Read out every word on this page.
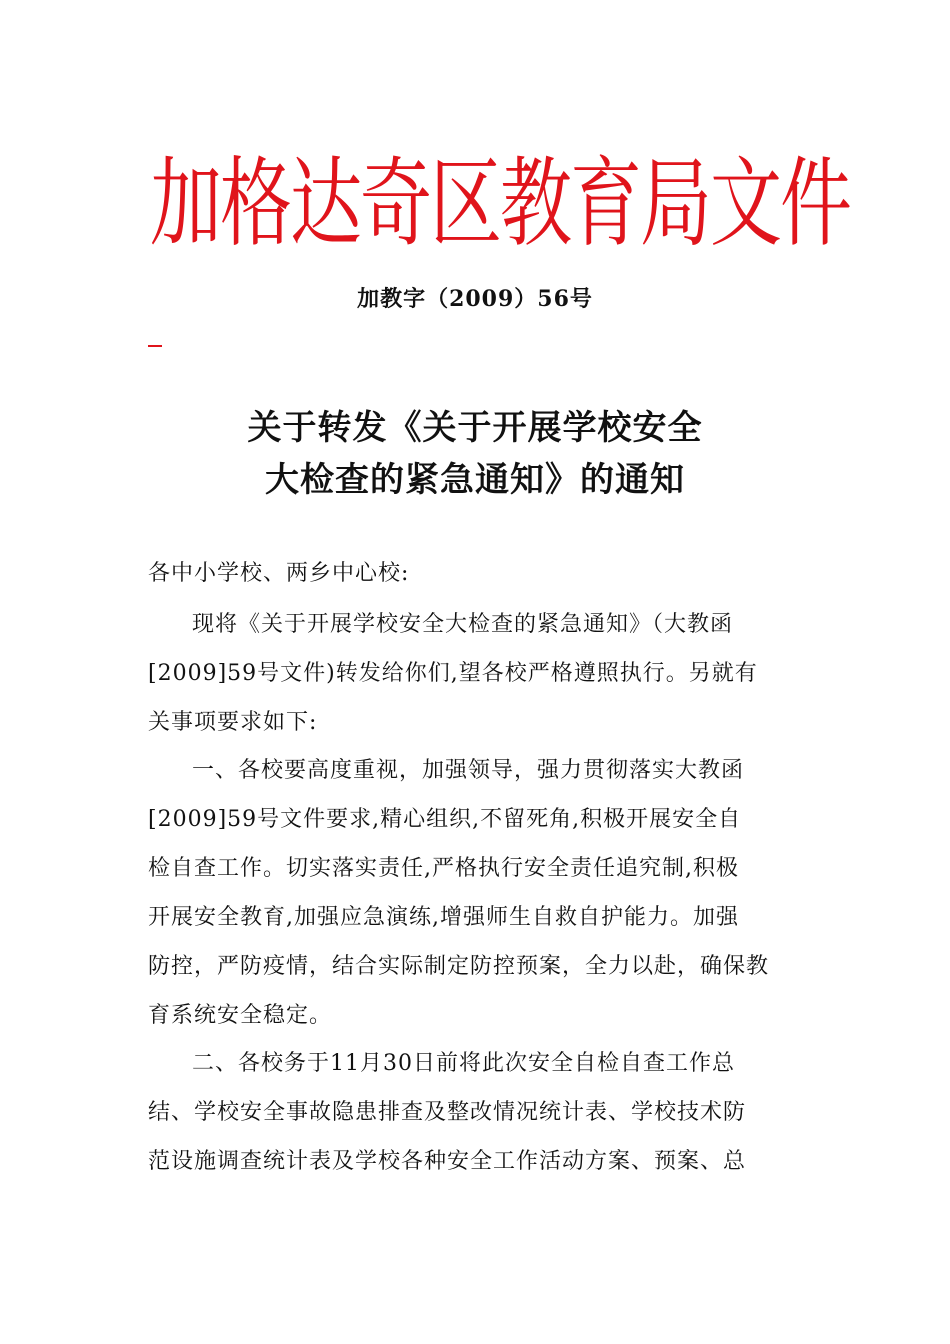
加格达奇区教育局文件
加教字（2009）56号
关于转发《关于开展学校安全
大检查的紧急通知》的通知
各中小学校、两乡中心校:
现将《关于开展学校安全大检查的紧急通知》（大教函
[2009]59号文件)转发给你们,望各校严格遵照执行。另就有
关事项要求如下:
一、各校要高度重视，加强领导，强力贯彻落实大教函
[2009]59号文件要求,精心组织,不留死角,积极开展安全自
检自查工作。切实落实责任,严格执行安全责任追究制,积极
开展安全教育,加强应急演练,增强师生自救自护能力。加强
防控，严防疫情，结合实际制定防控预案，全力以赴，确保教
育系统安全稳定。
二、各校务于11月30日前将此次安全自检自查工作总
结、学校安全事故隐患排查及整改情况统计表、学校技术防
范设施调查统计表及学校各种安全工作活动方案、预案、总
